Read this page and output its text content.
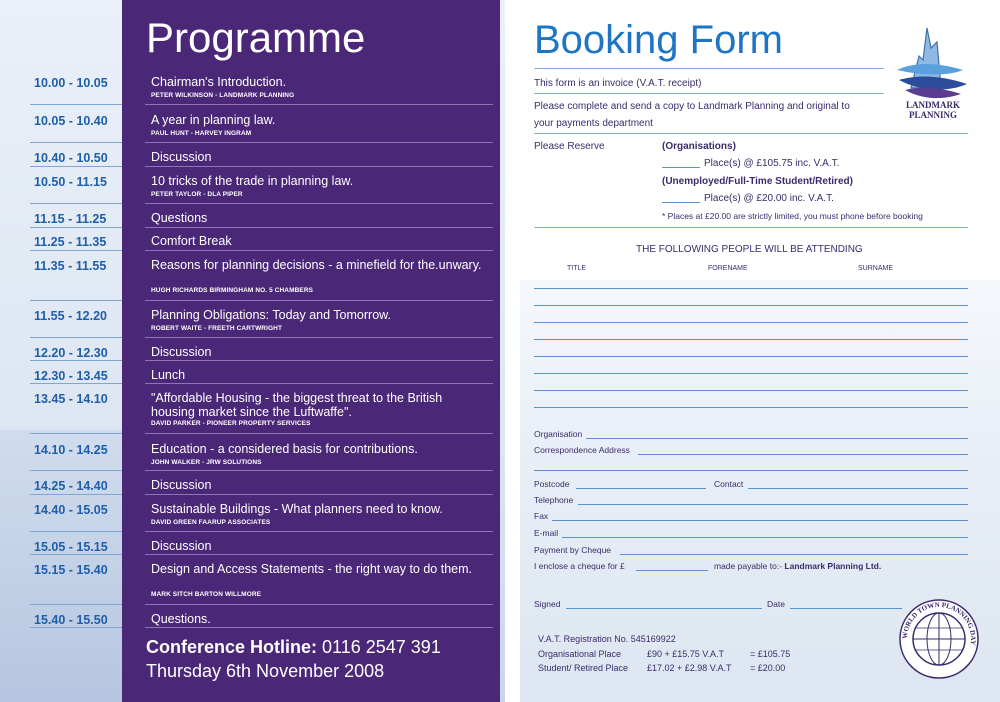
Programme
10.00 - 10.05	Chairman's Introduction.
PETER WILKINSON - LANDMARK PLANNING
10.05 - 10.40	A year in planning law.
PAUL HUNT - HARVEY INGRAM
10.40 - 10.50	Discussion
10.50 - 11.15	10 tricks of the trade in planning law.
PETER TAYLOR - DLA PIPER
11.15 - 11.25	Questions
11.25 - 11.35	Comfort Break
11.35 - 11.55	Reasons for planning decisions - a minefield for the.unwary.
HUGH RICHARDS BIRMINGHAM NO. 5 CHAMBERS
11.55 - 12.20	Planning Obligations: Today and Tomorrow.
ROBERT WAITE - FREETH CARTWRIGHT
12.20 - 12.30	Discussion
12.30 - 13.45	Lunch
13.45 - 14.10	"Affordable Housing - the biggest threat to the British housing market since the Luftwaffe".
DAVID PARKER - PIONEER PROPERTY SERVICES
14.10 - 14.25	Education - a considered basis for contributions.
JOHN WALKER - JRW SOLUTIONS
14.25 - 14.40	Discussion
14.40 - 15.05	Sustainable Buildings - What planners need to know.
DAVID GREEN FAARUP ASSOCIATES
15.05 - 15.15	Discussion
15.15 - 15.40	Design and Access Statements - the right way to do them.
MARK SITCH BARTON WILLMORE
15.40 - 15.50	Questions.
Conference Hotline: 0116 2547 391
Thursday 6th November 2008
Booking Form
LANDMARK
PLANNING
This form is an invoice (V.A.T. receipt)
Please complete and send a copy to Landmark Planning and original to
your payments department
Please Reserve	(Organisations)
Place(s) @ £105.75 inc. V.A.T.
(Unemployed/Full-Time Student/Retired)
Place(s) @ £20.00 inc. V.A.T.
* Places at £20.00 are strictly limited, you must phone before booking
THE FOLLOWING PEOPLE WILL BE ATTENDING
TITLE	FORENAME	SURNAME
Organisation
Correspondence Address
Postcode	Contact
Telephone
Fax
E-mail
Payment by Cheque
I enclose a cheque for £	made payable to:- Landmark Planning Ltd.
Signed	Date
V.A.T. Registration No. 545169922
Organisational Place	£90 + £15.75 V.A.T	= £105.75
Student/ Retired Place £17.02 + £2.98 V.A.T = £20.00
WORLD TOWN PLANNING DAY
